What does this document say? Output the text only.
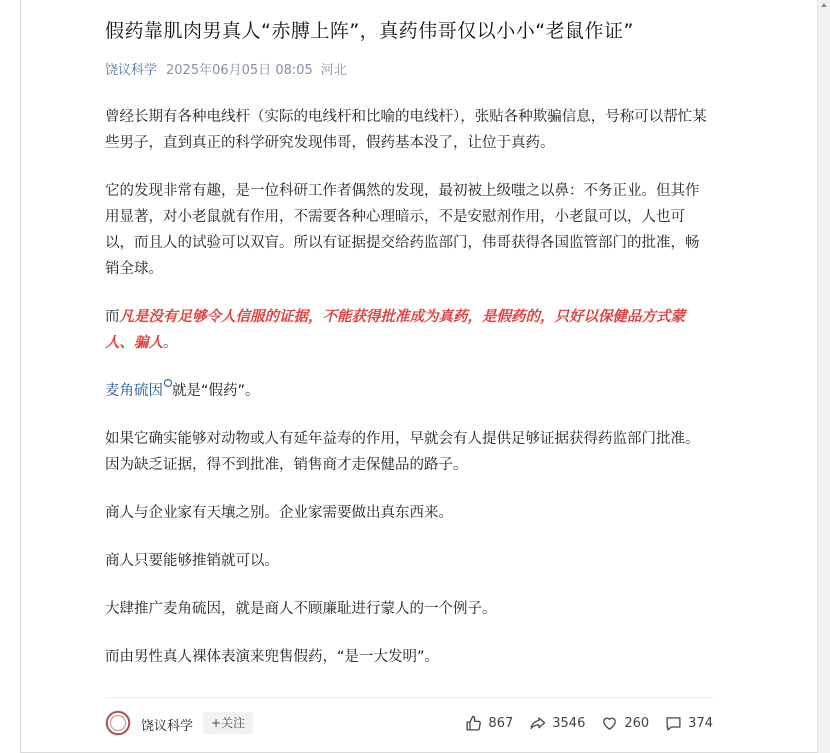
假药靠肌肉男真人“赤膊上阵”，真药伟哥仅以小小“老鼠作证”
饶议科学 2025年06月05日 08:05 河北

曾经长期有各种电线杆（实际的电线杆和比喻的电线杆），张贴各种欺骗信息，号称可以帮忙某些男子，直到真正的科学研究发现伟哥，假药基本没了，让位于真药。

它的发现非常有趣，是一位科研工作者偶然的发现，最初被上级嗤之以鼻：不务正业。但其作用显著，对小老鼠就有作用，不需要各种心理暗示，不是安慰剂作用，小老鼠可以，人也可以，而且人的试验可以双盲。所以有证据提交给药监部门，伟哥获得各国监管部门的批准，畅销全球。

而凡是没有足够令人信服的证据，不能获得批准成为真药，是假药的，只好以保健品方式蒙人、骗人。

麦角硫因 就是“假药”。

如果它确实能够对动物或人有延年益寿的作用，早就会有人提供足够证据获得药监部门批准。因为缺乏证据，得不到批准，销售商才走保健品的路子。

商人与企业家有天壤之别。企业家需要做出真东西来。

商人只要能够推销就可以。

大肆推广麦角硫因，就是商人不顾廉耻进行蒙人的一个例子。

而由男性真人裸体表演来兜售假药，“是一大发明”。

饶议科学	+关注	867	3546	260	374
